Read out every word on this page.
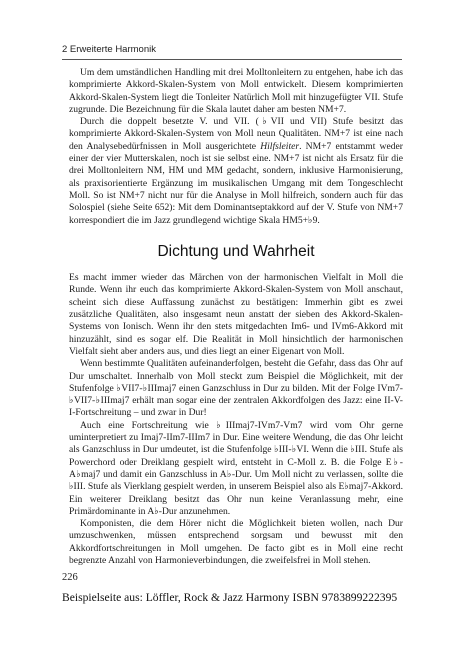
2 Erweiterte Harmonik

Um dem umständlichen Handling mit drei Molltonleitern zu entgehen, habe ich das komprimierte Akkord-Skalen-System von Moll entwickelt. Diesem komprimierten Akkord-Skalen-System liegt die Tonleiter Natürlich Moll mit hinzugefügter VII. Stufe zugrunde. Die Bezeichnung für die Skala lautet daher am besten NM+7.

Durch die doppelt besetzte V. und VII. (♭VII und VII) Stufe besitzt das komprimierte Akkord-Skalen-System von Moll neun Qualitäten. NM+7 ist eine nach den Analysebedürfnissen in Moll ausgerichtete Hilfsleiter. NM+7 entstammt weder einer der vier Mutterskalen, noch ist sie selbst eine. NM+7 ist nicht als Ersatz für die drei Molltonleitern NM, HM und MM gedacht, sondern, inklusive Harmonisierung, als praxisorientierte Ergänzung im musikalischen Umgang mit dem Tongeschlecht Moll. So ist NM+7 nicht nur für die Analyse in Moll hilfreich, sondern auch für das Solospiel (siehe Seite 652): Mit dem Dominantseptakkord auf der V. Stufe von NM+7 korrespondiert die im Jazz grundlegend wichtige Skala HM5+♭9.

Dichtung und Wahrheit

Es macht immer wieder das Märchen von der harmonischen Vielfalt in Moll die Runde. Wenn ihr euch das komprimierte Akkord-Skalen-System von Moll anschaut, scheint sich diese Auffassung zunächst zu bestätigen: Immerhin gibt es zwei zusätzliche Qualitäten, also insgesamt neun anstatt der sieben des Akkord-Skalen-Systems von Ionisch. Wenn ihr den stets mitgedachten Im6- und IVm6-Akkord mit hinzuzählt, sind es sogar elf. Die Realität in Moll hinsichtlich der harmonischen Vielfalt sieht aber anders aus, und dies liegt an einer Eigenart von Moll.

Wenn bestimmte Qualitäten aufeinanderfolgen, besteht die Gefahr, dass das Ohr auf Dur umschaltet. Innerhalb von Moll steckt zum Beispiel die Möglichkeit, mit der Stufenfolge ♭VII7-♭IIImaj7 einen Ganzschluss in Dur zu bilden. Mit der Folge IVm7-♭VII7-♭IIImaj7 erhält man sogar eine der zentralen Akkordfolgen des Jazz: eine II-V-I-Fortschreitung – und zwar in Dur!

Auch eine Fortschreitung wie ♭IIImaj7-IVm7-Vm7 wird vom Ohr gerne uminterpretiert zu Imaj7-IIm7-IIIm7 in Dur. Eine weitere Wendung, die das Ohr leicht als Ganzschluss in Dur umdeutet, ist die Stufenfolge ♭III-♭VI. Wenn die ♭III. Stufe als Powerchord oder Dreiklang gespielt wird, entsteht in C-Moll z. B. die Folge E♭-A♭maj7 und damit ein Ganzschluss in A♭-Dur. Um Moll nicht zu verlassen, sollte die ♭III. Stufe als Vierklang gespielt werden, in unserem Beispiel also als E♭maj7-Akkord. Ein weiterer Dreiklang besitzt das Ohr nun keine Veranlassung mehr, eine Primärdominante in A♭-Dur anzunehmen.

Komponisten, die dem Hörer nicht die Möglichkeit bieten wollen, nach Dur umzuschwenken, müssen entsprechend sorgsam und bewusst mit den Akkordfortschreitungen in Moll umgehen. De facto gibt es in Moll eine recht begrenzte Anzahl von Harmonieverbindungen, die zweifelsfrei in Moll stehen.

226
Beispielseite aus: Löffler, Rock & Jazz Harmony ISBN 9783899222395
